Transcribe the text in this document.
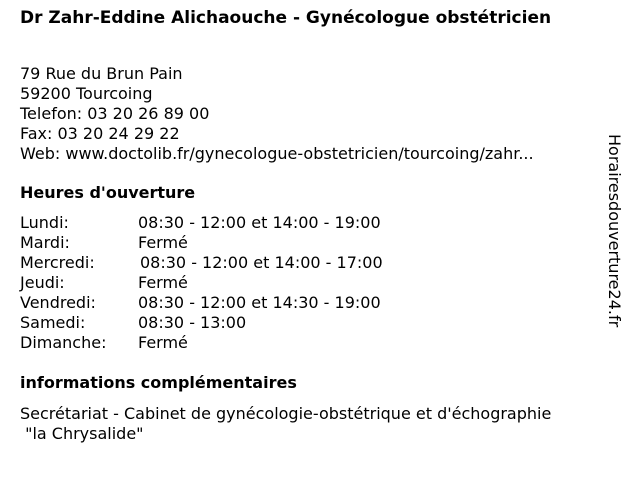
Dr Zahr-Eddine Alichaouche - Gynécologue obstétricien
79 Rue du Brun Pain
59200 Tourcoing
Telefon: 03 20 26 89 00
Fax: 03 20 24 29 22
Web: www.doctolib.fr/gynecologue-obstetricien/tourcoing/zahr...
Heures d'ouverture
Lundi:	08:30 - 12:00 et 14:00 - 19:00
Mardi:	Fermé
Mercredi:	08:30 - 12:00 et 14:00 - 17:00
Jeudi:	Fermé
Vendredi:	08:30 - 12:00 et 14:30 - 19:00
Samedi:	08:30 - 13:00
Dimanche: Fermé
informations complémentaires
Secrétariat - Cabinet de gynécologie-obstétrique et d'échographie
"la Chrysalide"
Horairesdouverture24.fr
